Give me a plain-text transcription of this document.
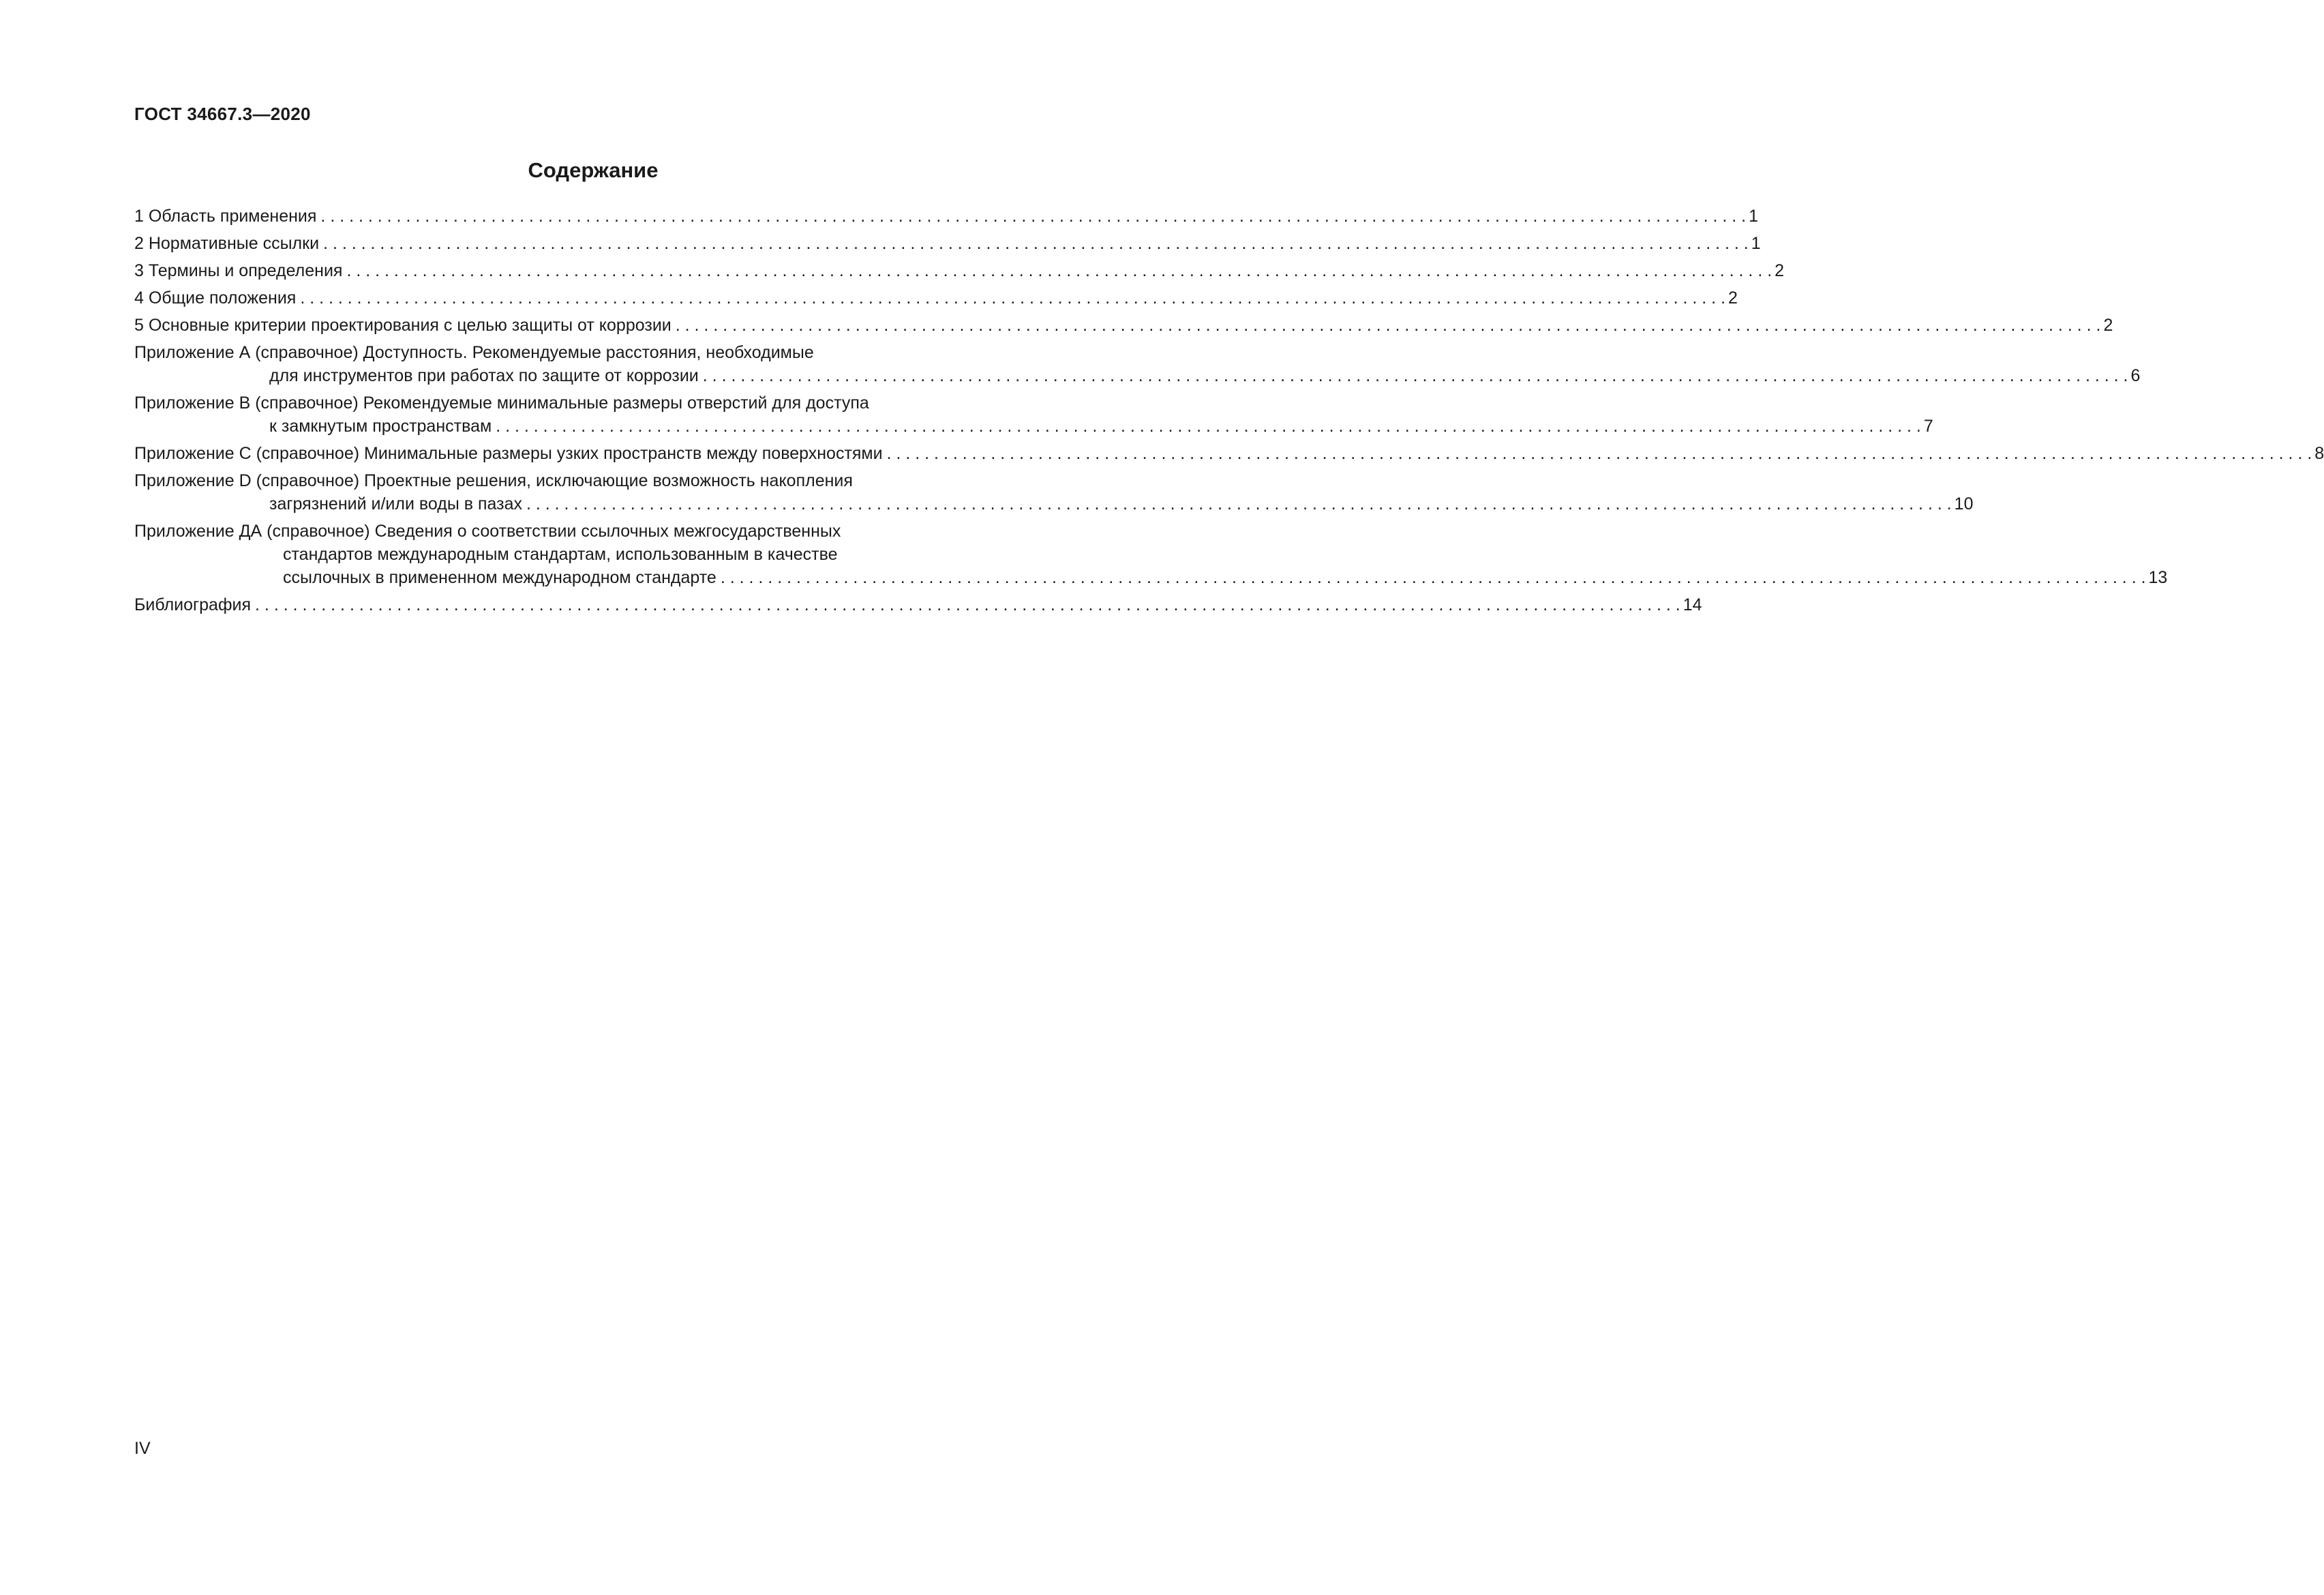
ГОСТ 34667.3—2020
Содержание
1 Область применения . . .	1
2 Нормативные ссылки . . .	1
3 Термины и определения . . .	2
4 Общие положения . . .	2
5 Основные критерии проектирования с целью защиты от коррозии . . .	2
Приложение А (справочное) Доступность. Рекомендуемые расстояния, необходимые
для инструментов при работах по защите от коррозии . . .	6
Приложение В (справочное) Рекомендуемые минимальные размеры отверстий для доступа
к замкнутым пространствам . . .	7
Приложение С (справочное) Минимальные размеры узких пространств между поверхностями . . .	8
Приложение D (справочное) Проектные решения, исключающие возможность накопления
загрязнений и/или воды в пазах . . .	10
Приложение ДА (справочное) Сведения о соответствии ссылочных межгосударственных
стандартов международным стандартам, использованным в качестве
ссылочных в примененном международном стандарте . . .	13
Библиография . . .	14
IV
